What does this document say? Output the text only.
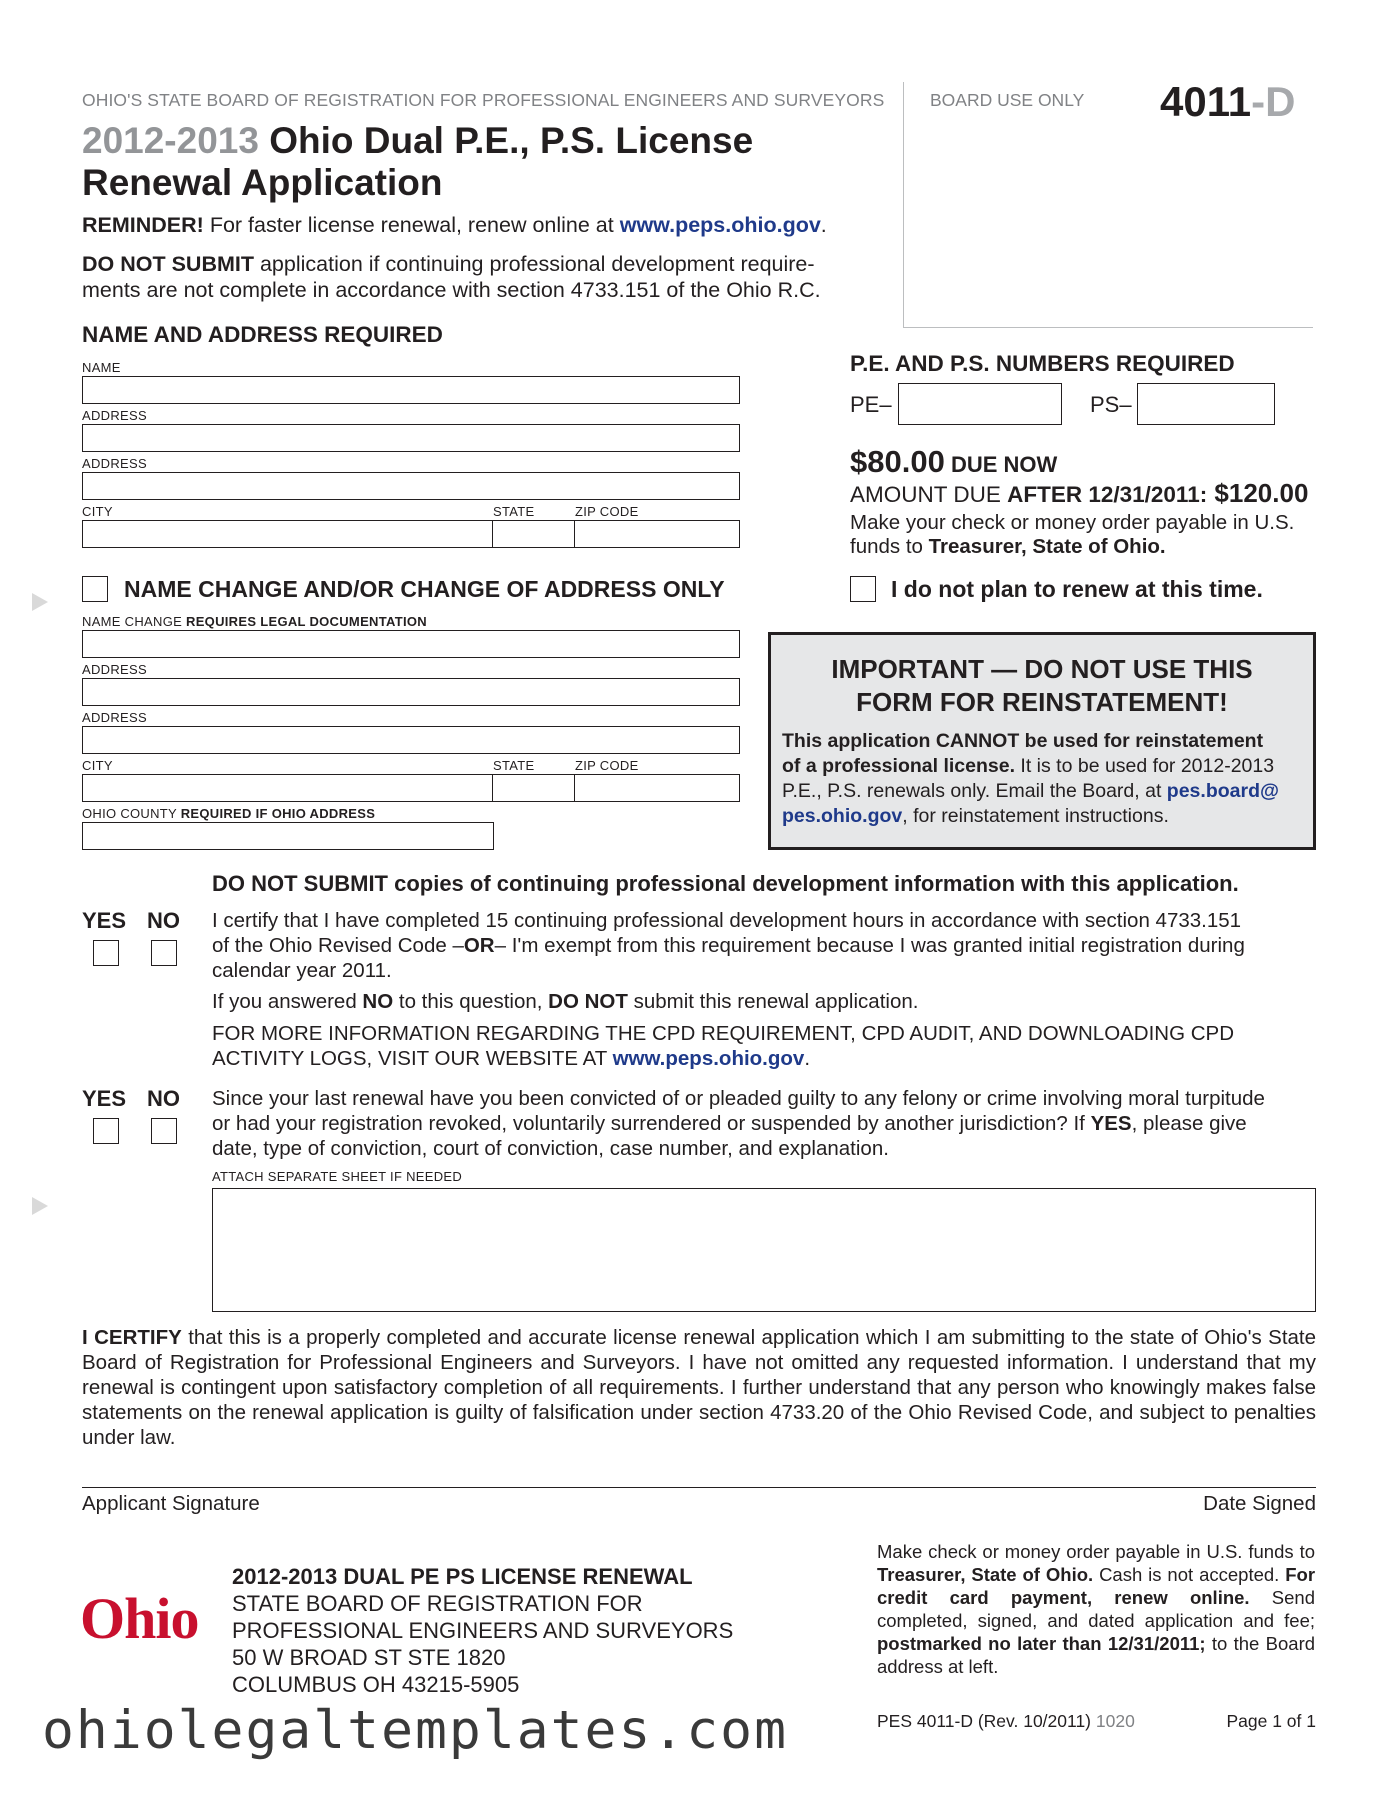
OHIO'S STATE BOARD OF REGISTRATION FOR PROFESSIONAL ENGINEERS AND SURVEYORS	BOARD USE ONLY 4011-D
2012-2013 Ohio Dual P.E., P.S. License
Renewal Application
REMINDER! For faster license renewal, renew online at www.peps.ohio.gov.
DO NOT SUBMIT application if continuing professional development require-
ments are not complete in accordance with section 4733.151 of the Ohio R.C.
NAME AND ADDRESS REQUIRED
NAME
ADDRESS
ADDRESS
CITY	STATE	ZIP CODE
NAME CHANGE AND/OR CHANGE OF ADDRESS ONLY
NAME CHANGE REQUIRES LEGAL DOCUMENTATION
ADDRESS
ADDRESS
CITY	STATE	ZIP CODE
OHIO COUNTY REQUIRED IF OHIO ADDRESS
P.E. AND P.S. NUMBERS REQUIRED
PE–	PS–
$80.00 DUE NOW
AMOUNT DUE AFTER 12/31/2011: $120.00
Make your check or money order payable in U.S.
funds to Treasurer, State of Ohio.
I do not plan to renew at this time.
IMPORTANT — DO NOT USE THIS
FORM FOR REINSTATEMENT!
This application CANNOT be used for reinstatement
of a professional license. It is to be used for 2012-2013
P.E., P.S. renewals only. Email the Board, at pes.board@
pes.ohio.gov, for reinstatement instructions.
DO NOT SUBMIT copies of continuing professional development information with this application.
YES NO I certify that I have completed 15 continuing professional development hours in accordance with section 4733.151
of the Ohio Revised Code –OR– I'm exempt from this requirement because I was granted initial registration during
calendar year 2011.
If you answered NO to this question, DO NOT submit this renewal application.
FOR MORE INFORMATION REGARDING THE CPD REQUIREMENT, CPD AUDIT, AND DOWNLOADING CPD
ACTIVITY LOGS, VISIT OUR WEBSITE AT www.peps.ohio.gov.
YES NO Since your last renewal have you been convicted of or pleaded guilty to any felony or crime involving moral turpitude
or had your registration revoked, voluntarily surrendered or suspended by another jurisdiction? If YES, please give
date, type of conviction, court of conviction, case number, and explanation.
ATTACH SEPARATE SHEET IF NEEDED
I CERTIFY that this is a properly completed and accurate license renewal application which I am submitting to the state of Ohio's State Board of Registration for Professional Engineers and Surveyors. I have not omitted any requested information. I understand that my renewal is contingent upon satisfactory completion of all requirements. I further understand that any person who knowingly makes false statements on the renewal application is guilty of falsification under section 4733.20 of the Ohio Revised Code, and subject to penalties under law.
Applicant Signature	Date Signed
Ohio
2012-2013 DUAL PE PS LICENSE RENEWAL
STATE BOARD OF REGISTRATION FOR
PROFESSIONAL ENGINEERS AND SURVEYORS
50 W BROAD ST STE 1820
COLUMBUS OH 43215-5905
Make check or money order payable in U.S. funds to Treasurer, State of Ohio. Cash is not accepted. For credit card payment, renew online. Send completed, signed, and dated application and fee; postmarked no later than 12/31/2011; to the Board address at left.
PES 4011-D (Rev. 10/2011) 1020	Page 1 of 1
ohiolegaltemplates.com
